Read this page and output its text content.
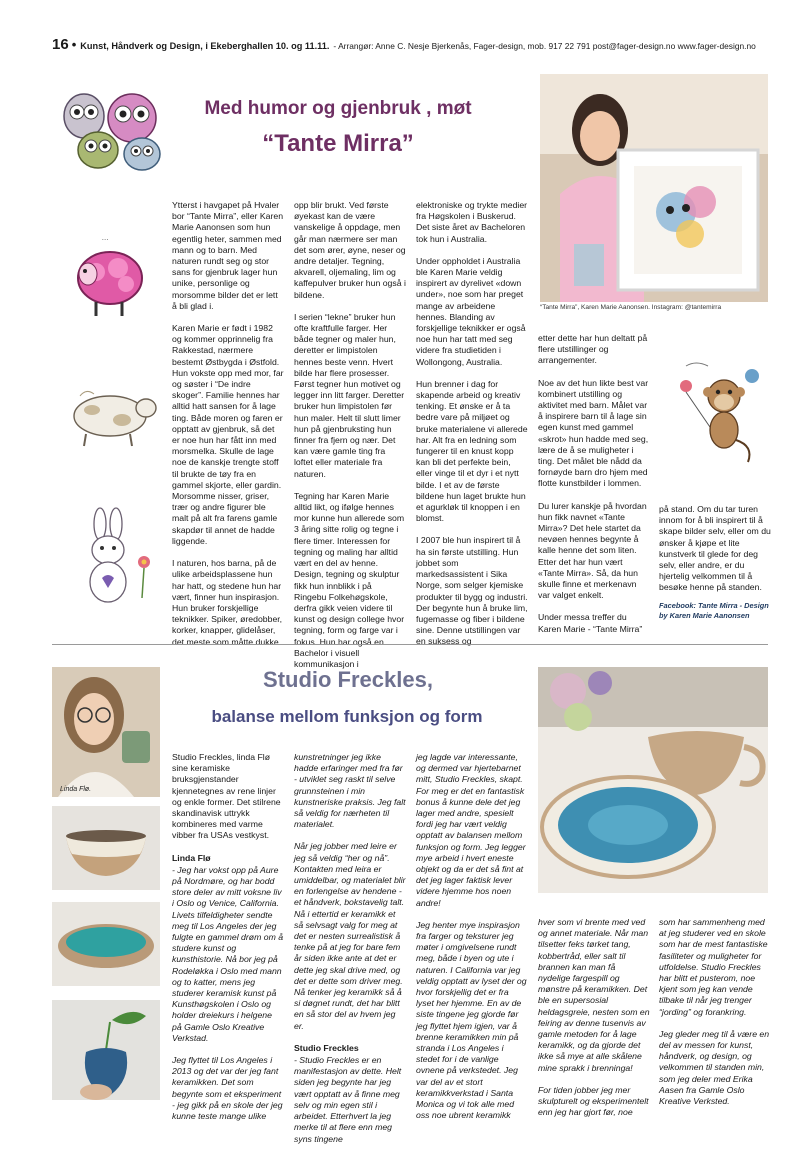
16 • Kunst, Håndverk og Design, i Ekeberghallen 10. og 11.11. - Arrangør: Anne C. Nesje Bjerkenås, Fager-design, mob. 917 22 791 post@fager-design.no www.fager-design.no
...
Med humor og gjenbruk , møt
“Tante Mirra”
“Tante Mirra”, Karen Marie Aanonsen. Instagram: @tantemirra

Ytterst i havgapet på Hvaler bor “Tante Mirra”, eller Karen Marie Aanonsen som hun egentlig heter, sammen med mann og to barn. Med naturen rundt seg og stor sans for gjenbruk lager hun unike, personlige og morsomme bilder det er lett å bli glad i.

Karen Marie er født i 1982 og kommer opprinnelig fra Rakkestad, nærmere bestemt Østbygda i Østfold. Hun vokste opp med mor, far og søster i “De indre skoger”. Familie hennes har alltid hatt sansen for å lage ting. Både moren og faren er opptatt av gjenbruk, så det er noe hun har fått inn med morsmelka. Skulle de lage noe de kanskje trengte stoff til brukte de tøy fra en gammel skjorte, eller gardin. Morsomme nisser, griser, trær og andre figurer ble malt på alt fra farens gamle skapdør til annet de hadde liggende.

I naturen, hos barna, på de ulike arbeidsplassene hun har hatt, og stedene hun har vært, finner hun inspirasjon. Hun bruker forskjellige teknikker. Spiker, øredobber, korker, knapper, glidelåser, det meste som måtte dukke

opp blir brukt. Ved første øyekast kan de være vanskelige å oppdage, men går man nærmere ser man det som ører, øyne, neser og andre detaljer. Tegning, akvarell, oljemaling, lim og kaffepulver bruker hun også i bildene.

I serien “lekne” bruker hun ofte kraftfulle farger. Her både tegner og maler hun, deretter er limpistolen hennes beste venn. Hvert bilde har flere prosesser. Først tegner hun motivet og legger inn litt farger. Deretter bruker hun limpistolen før hun maler. Helt til slutt limer hun på gjenbruksting hun finner fra fjern og nær. Det kan være gamle ting fra loftet eller materiale fra naturen.

Tegning har Karen Marie alltid likt, og ifølge hennes mor kunne hun allerede som 3 åring sitte rolig og tegne i flere timer. Interessen for tegning og maling har alltid vært en del av henne. Design, tegning og skulptur fikk hun innblikk i på Ringebu Folkehøgskole, derfra gikk veien videre til kunst og design college hvor tegning, form og farge var i fokus. Hun har også en Bachelor i visuell kommunikasjon i

elektroniske og trykte medier fra Høgskolen i Buskerud. Det siste året av Bacheloren tok hun i Australia.

Under oppholdet i Australia ble Karen Marie veldig inspirert av dyrelivet «down under», noe som har preget mange av arbeidene hennes. Blanding av forskjellige teknikker er også noe hun har tatt med seg videre fra studietiden i Wollongong, Australia.

Hun brenner i dag for skapende arbeid og kreativ tenking. Et ønske er å ta bedre vare på miljøet og bruke materialene vi allerede har. Alt fra en ledning som fungerer til en knust kopp kan bli det perfekte bein, eller vinge til et dyr i et nytt bilde. I et av de første bildene hun laget brukte hun et agurkløk til knoppen i en blomst.

I 2007 ble hun inspirert til å ha sin første utstilling. Hun jobbet som markedsassistent i Sika Norge, som selger kjemiske produkter til bygg og industri. Der begynte hun å bruke lim, fugemasse og fiber i bildene sine. Denne utstillingen var en suksess og

etter dette har hun deltatt på flere utstillinger og arrangementer.

Noe av det hun likte best var kombinert utstilling og aktivitet med barn. Målet var å inspirere barn til å lage sin egen kunst med gammel «skrot» hun hadde med seg, lære de å se muligheter i ting. Det målet ble nådd da fornøyde barn dro hjem med flotte kunstbilder i lommen.

Du lurer kanskje på hvordan hun fikk navnet «Tante Mirra»? Det hele startet da nevøen hennes begynte å kalle henne det som liten. Etter det har hun vært «Tante Mirra». Så, da hun skulle finne et merkenavn var valget enkelt.

Under messa treffer du Karen Marie - “Tante Mirra”

på stand. Om du tar turen innom for å bli inspirert til å skape bilder selv, eller om du ønsker å kjøpe et lite kunstverk til glede for deg selv, eller andre, er du hjertelig velkommen til å besøke henne på standen.

Facebook: Tante Mirra - Design by Karen Marie Aanonsen
Linda Flø.
Studio Freckles,
balanse mellom funksjon og form

Studio Freckles, linda Flø sine keramiske bruksgjenstander kjennetegnes av rene linjer og enkle former. Det stilrene skandinavisk uttrykk kombineres med varme vibber fra USAs vestkyst.

Linda Flø

- Jeg har vokst opp på Aure på Nordmøre, og har bodd store deler av mitt voksne liv i Oslo og Venice, California. Livets tilfeldigheter sendte meg til Los Angeles der jeg fulgte en gammel drøm om å studere kunst og kunsthistorie. Nå bor jeg på Rodeløkka i Oslo med mann og to katter, mens jeg studerer keramisk kunst på Kunsthøgskolen i Oslo og holder dreiekurs i helgene på Gamle Oslo Kreative Verkstad.

Jeg flyttet til Los Angeles i 2013 og det var der jeg fant keramikken. Det som begynte som et eksperiment - jeg gikk på en skole der jeg kunne teste mange ulike

kunstretninger jeg ikke hadde erfaringer med fra før - utviklet seg raskt til selve grunnsteinen i min kunstneriske praksis. Jeg falt så veldig for nærheten til materialet.

Når jeg jobber med leire er jeg så veldig “her og nå”. Kontakten med leira er umiddelbar, og materialet blir en forlengelse av hendene - et håndverk, bokstavelig talt. Nå i ettertid er keramikk et så selvsagt valg for meg at det er nesten surrealistisk å tenke på at jeg for bare fem år siden ikke ante at det er dette jeg skal drive med, og det er dette som driver meg. Nå tenker jeg keramikk så å si døgnet rundt, det har blitt en så stor del av hvem jeg er.

Studio Freckles

- Studio Freckles er en manifestasjon av dette. Helt siden jeg begynte har jeg vært opptatt av å finne meg selv og min egen stil i arbeidet. Etterhvert la jeg merke til at flere enn meg syns tingene

jeg lagde var interessante, og dermed var hjertebarnet mitt, Studio Freckles, skapt. For meg er det en fantastisk bonus å kunne dele det jeg lager med andre, spesielt fordi jeg har vært veldig opptatt av balansen mellom funksjon og form. Jeg legger mye arbeid i hvert eneste objekt og da er det så fint at det jeg lager faktisk lever videre hjemme hos noen andre!

Jeg henter mye inspirasjon fra farger og teksturer jeg møter i omgivelsene rundt meg, både i byen og ute i naturen. I California var jeg veldig opptatt av lyset der og hvor forskjellig det er fra lyset her hjemme. En av de siste tingene jeg gjorde før jeg flyttet hjem igjen, var å brenne keramikken min på stranda i Los Angeles i stedet for i de vanlige ovnene på verkstedet. Jeg var del av et stort keramikkverkstad i Santa Monica og vi tok alle med oss noe ubrent keramikk

hver som vi brente med ved og annet materiale. Når man tilsetter feks tørket tang, kobbertråd, eller salt til brannen kan man få nydelige fargespill og mønstre på keramikken. Det ble en supersosial heldagsgreie, nesten som en feiring av denne tusenvis av gamle metoden for å lage keramikk, og da gjorde det ikke så mye at alle skålene mine sprakk i brenninga!

For tiden jobber jeg mer skulpturelt og eksperimentelt enn jeg har gjort før, noe

som har sammenheng med at jeg studerer ved en skole som har de mest fantastiske fasiliteter og muligheter for utfoldelse. Studio Freckles har blitt et pusterom, noe kjent som jeg kan vende tilbake til når jeg trenger “jording” og forankring.

Jeg gleder meg til å være en del av messen for kunst, håndverk, og design, og velkommen til standen min, som jeg deler med Erika Aasen fra Gamle Oslo Kreative Verksted.
